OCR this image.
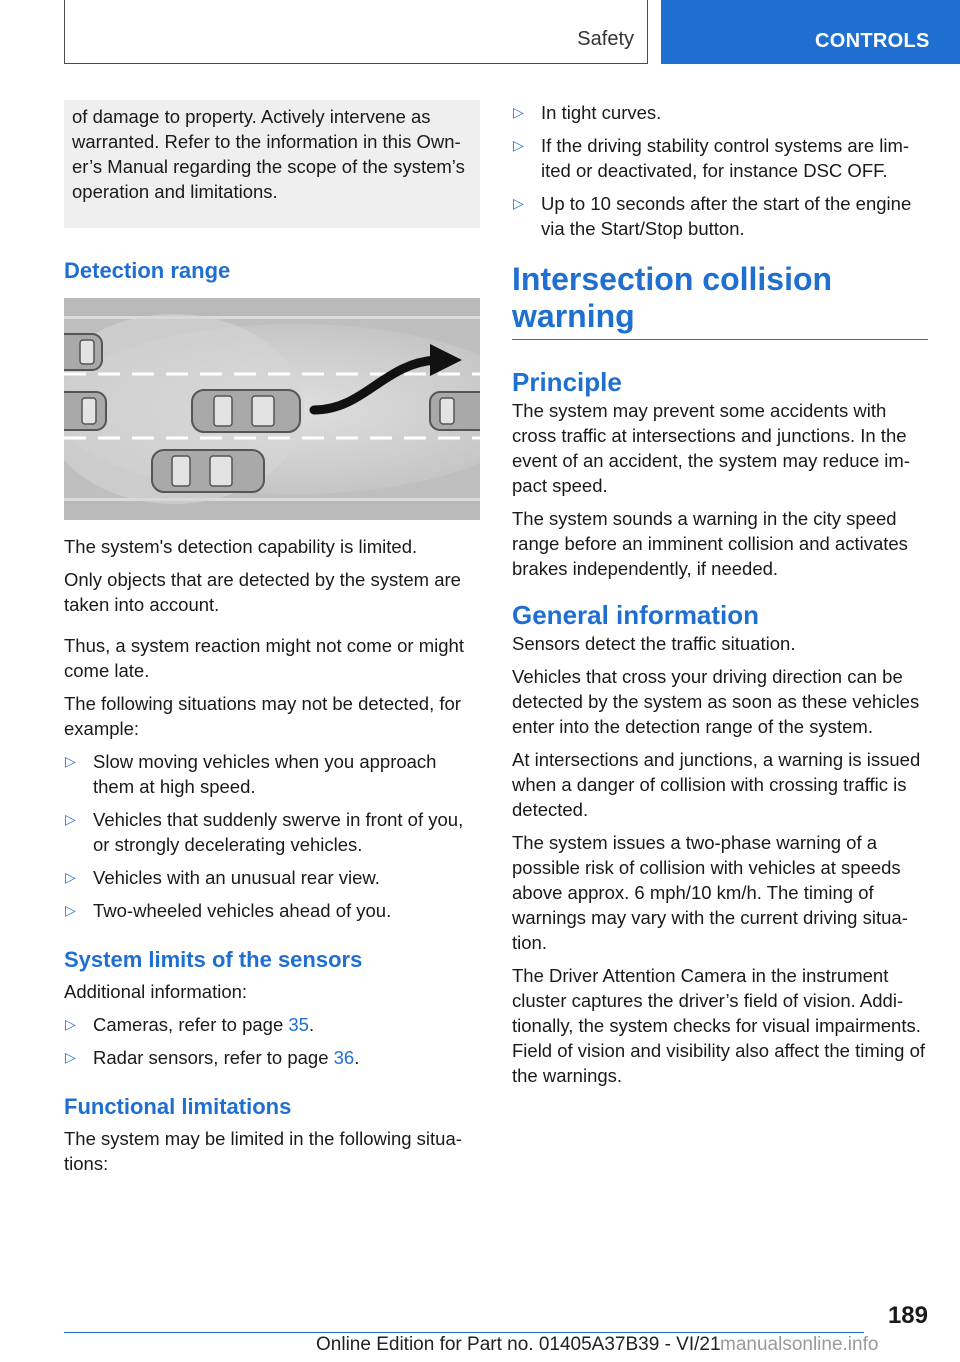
Safety	CONTROLS

of damage to property. Actively intervene as warranted. Refer to the information in this Owner’s Manual regarding the scope of the system’s operation and limitations.

Detection range

The system's detection capability is limited.

Only objects that are detected by the system are taken into account.

Thus, a system reaction might not come or might come late.

The following situations may not be detected, for example:

▷ Slow moving vehicles when you approach them at high speed.
▷ Vehicles that suddenly swerve in front of you, or strongly decelerating vehicles.
▷ Vehicles with an unusual rear view.
▷ Two-wheeled vehicles ahead of you.
System limits of the sensors

Additional information:

▷ Cameras, refer to page 35.
▷ Radar sensors, refer to page 36.
Functional limitations

The system may be limited in the following situations:

▷ In tight curves.
▷ If the driving stability control systems are limited or deactivated, for instance DSC OFF.
▷ Up to 10 seconds after the start of the engine via the Start/Stop button.
Intersection collision warning
Principle

The system may prevent some accidents with cross traffic at intersections and junctions. In the event of an accident, the system may reduce impact speed.

The system sounds a warning in the city speed range before an imminent collision and activates brakes independently, if needed.

General information

Sensors detect the traffic situation.

Vehicles that cross your driving direction can be detected by the system as soon as these vehicles enter into the detection range of the system.

At intersections and junctions, a warning is issued when a danger of collision with crossing traffic is detected.

The system issues a two-phase warning of a possible risk of collision with vehicles at speeds above approx. 6 mph/10 km/h. The timing of warnings may vary with the current driving situation.

The Driver Attention Camera in the instrument cluster captures the driver’s field of vision. Additionally, the system checks for visual impairments. Field of vision and visibility also affect the timing of the warnings.

189
Online Edition for Part no. 01405A37B39 - VI/21 manualsonline.info
